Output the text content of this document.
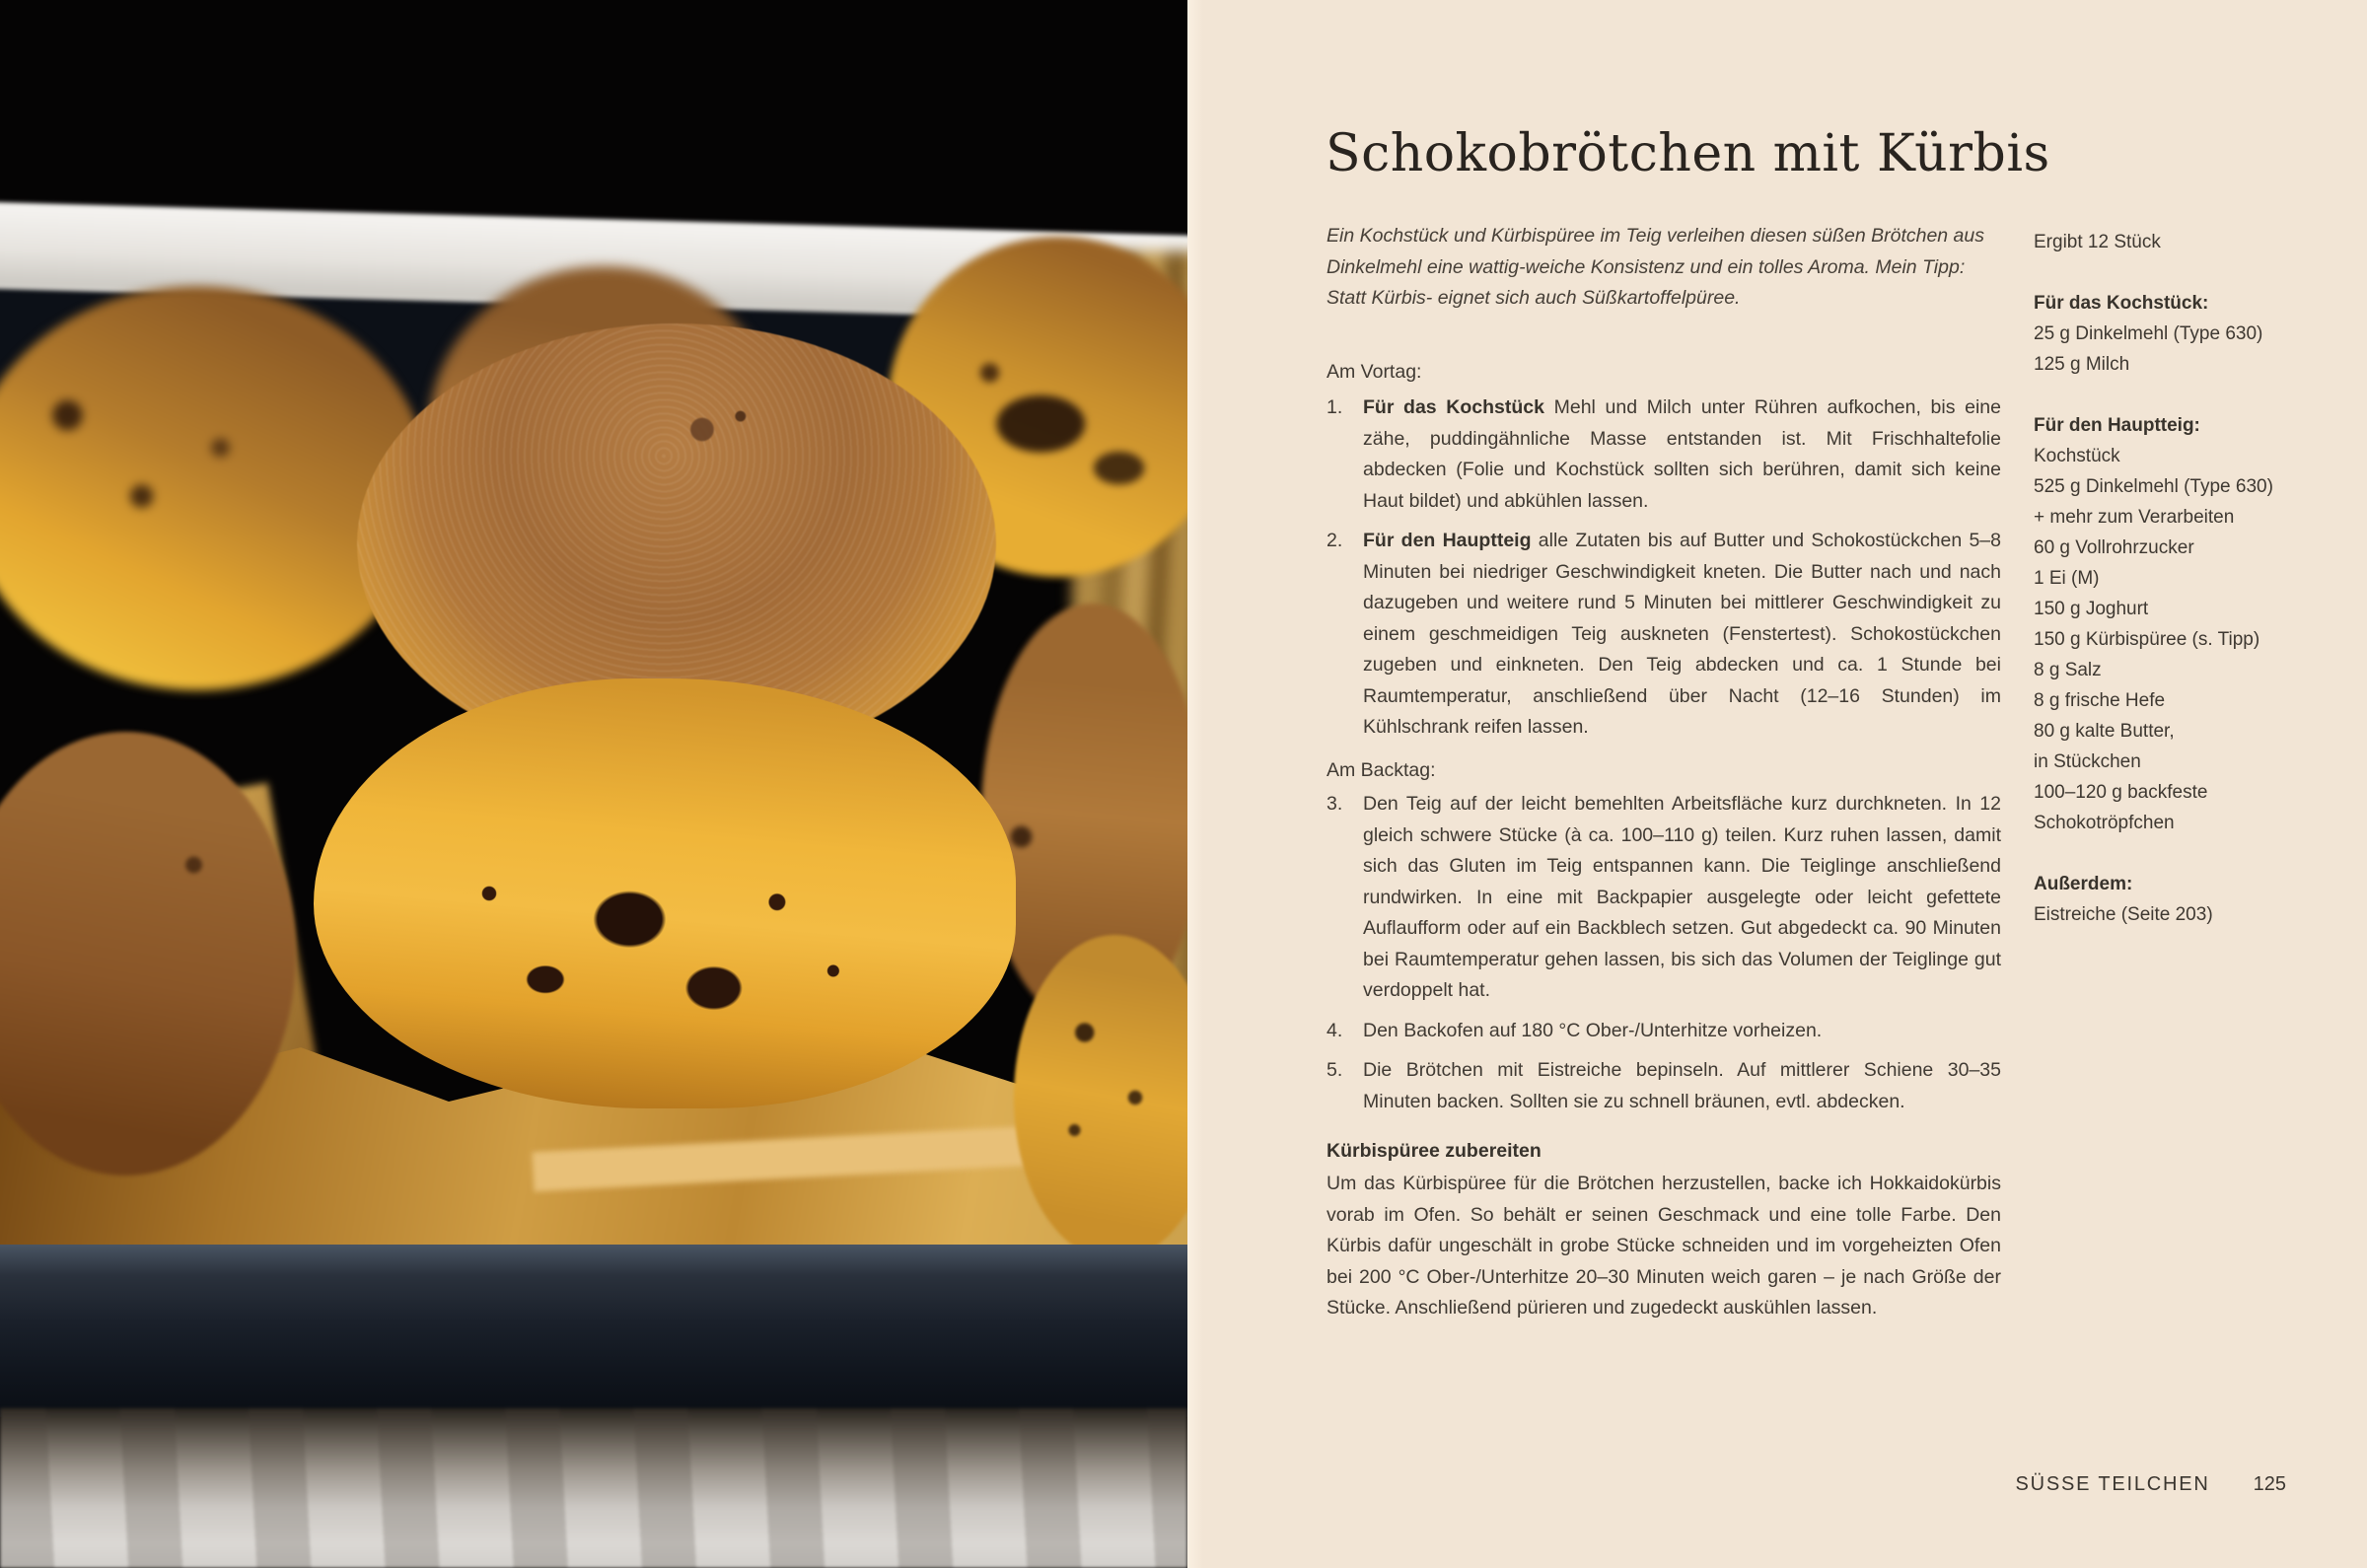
Schokobrötchen mit Kürbis

Ein Kochstück und Kürbispüree im Teig verleihen diesen süßen Brötchen aus Dinkelmehl eine wattig-weiche Konsistenz und ein tolles Aroma. Mein Tipp: Statt Kürbis- eignet sich auch Süßkartoffelpüree.

Am Vortag:

1.	Für das Kochstück Mehl und Milch unter Rühren aufkochen, bis eine zähe, puddingähnliche Masse entstanden ist. Mit Frischhaltefolie abdecken (Folie und Kochstück sollten sich berühren, damit sich keine Haut bildet) und abkühlen lassen.
2.	Für den Hauptteig alle Zutaten bis auf Butter und Schokostückchen 5–8 Minuten bei niedriger Geschwindigkeit kneten. Die Butter nach und nach dazugeben und weitere rund 5 Minuten bei mittlerer Geschwindigkeit zu einem geschmeidigen Teig auskneten (Fenstertest). Schokostückchen zugeben und einkneten. Den Teig abdecken und ca. 1 Stunde bei Raumtemperatur, anschließend über Nacht (12–16 Stunden) im Kühlschrank reifen lassen.

Am Backtag:

3.	Den Teig auf der leicht bemehlten Arbeitsfläche kurz durchkneten. In 12 gleich schwere Stücke (à ca. 100–110 g) teilen. Kurz ruhen lassen, damit sich das Gluten im Teig entspannen kann. Die Teiglinge anschließend rundwirken. In eine mit Backpapier ausgelegte oder leicht gefettete Auflaufform oder auf ein Backblech setzen. Gut abgedeckt ca. 90 Minuten bei Raumtemperatur gehen lassen, bis sich das Volumen der Teiglinge gut verdoppelt hat.
4.	Den Backofen auf 180 °C Ober-/Unterhitze vorheizen.
5.	Die Brötchen mit Eistreiche bepinseln. Auf mittlerer Schiene 30–35 Minuten backen. Sollten sie zu schnell bräunen, evtl. abdecken.

Kürbispüree zubereiten

Um das Kürbispüree für die Brötchen herzustellen, backe ich Hokkaidokürbis vorab im Ofen. So behält er seinen Geschmack und eine tolle Farbe. Den Kürbis dafür ungeschält in grobe Stücke schneiden und im vorgeheizten Ofen bei 200 °C Ober-/Unterhitze 20–30 Minuten weich garen – je nach Größe der Stücke. Anschließend pürieren und zugedeckt auskühlen lassen.

Ergibt 12 Stück
Für das Kochstück:
25 g Dinkelmehl (Type 630)
125 g Milch
Für den Hauptteig:
Kochstück
525 g Dinkelmehl (Type 630)
+ mehr zum Verarbeiten
60 g Vollrohrzucker
1 Ei (M)
150 g Joghurt
150 g Kürbispüree (s. Tipp)
8 g Salz
8 g frische Hefe
80 g kalte Butter,
in Stückchen
100–120 g backfeste
Schokotröpfchen
Außerdem:
Eistreiche (Seite 203)
SÜSSE TEILCHEN 125
